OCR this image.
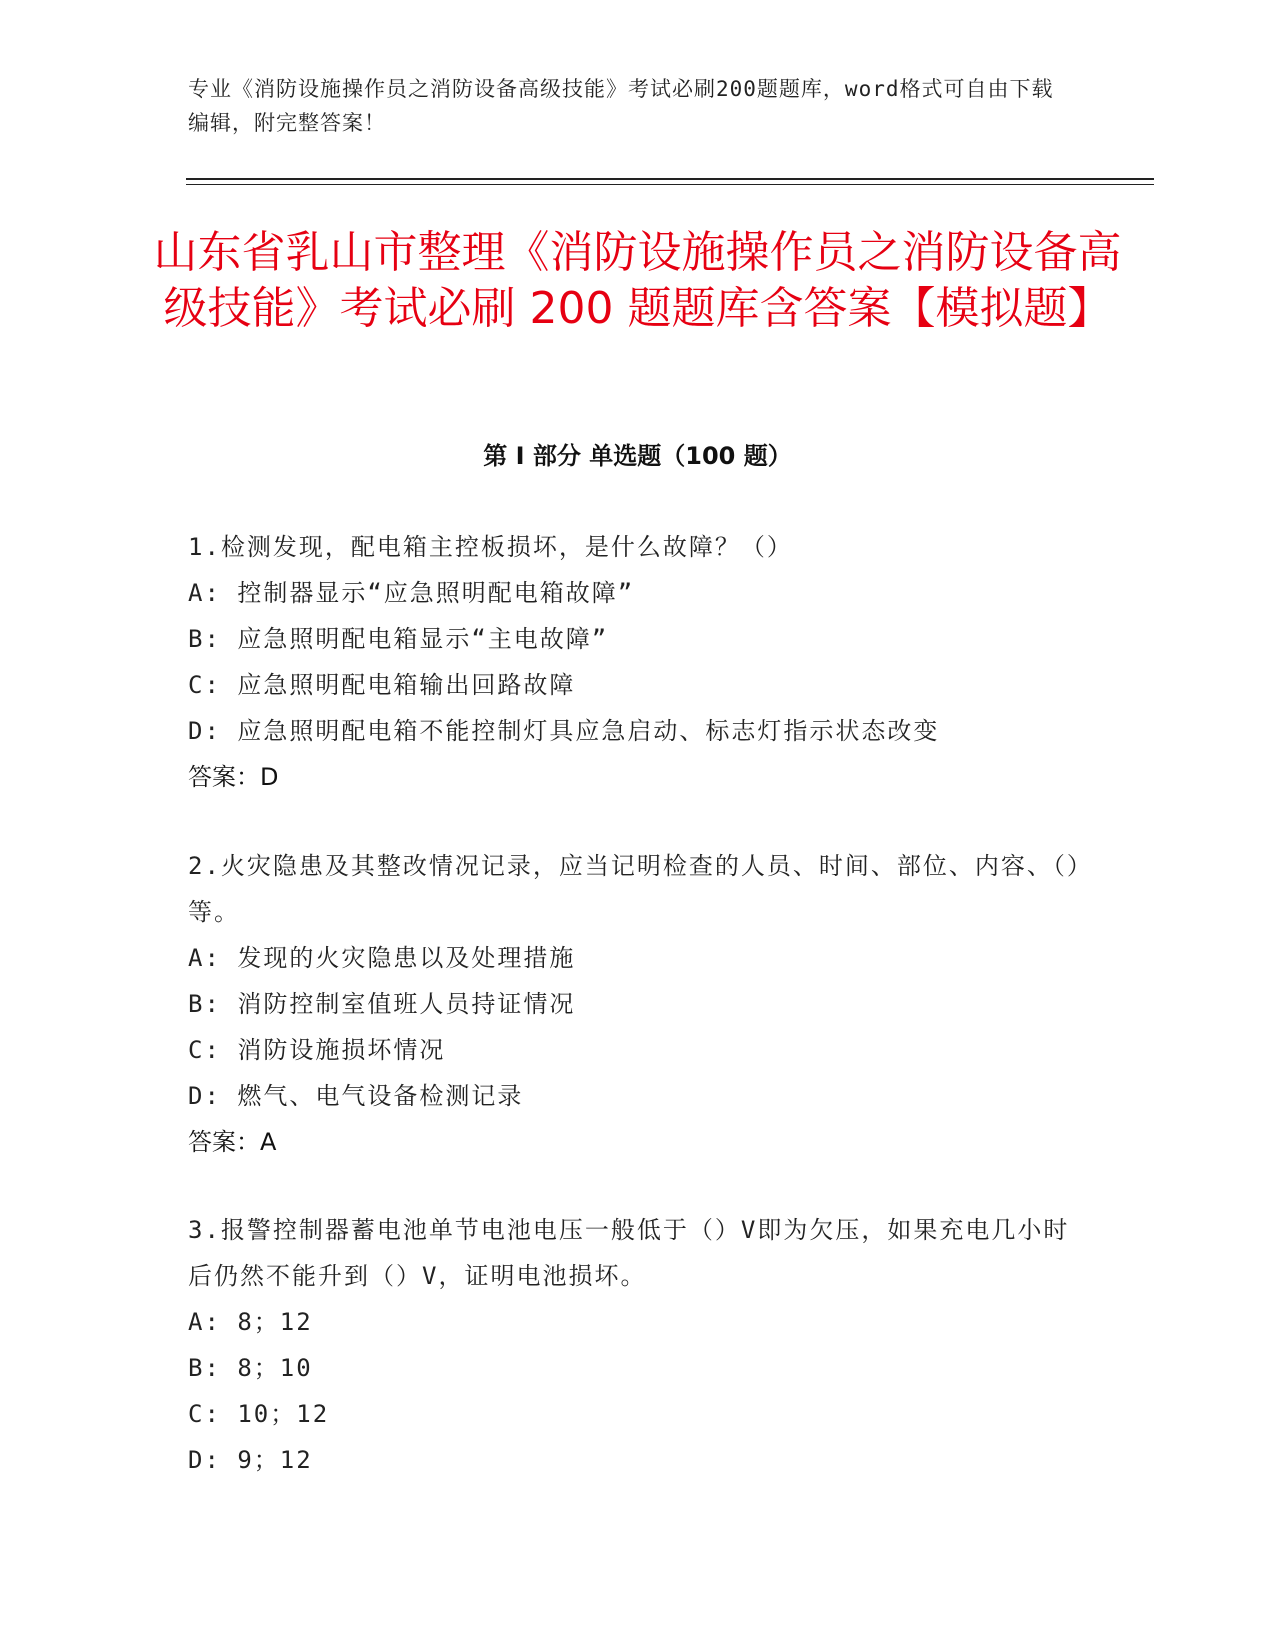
专业《消防设施操作员之消防设备高级技能》考试必刷200题题库，word格式可自由下载编辑，附完整答案！
山东省乳山市整理《消防设施操作员之消防设备高级技能》考试必刷 200 题题库含答案【模拟题】
第 I 部分 单选题（100 题）

1.检测发现，配电箱主控板损坏，是什么故障？（）

A: 控制器显示“应急照明配电箱故障”

B: 应急照明配电箱显示“主电故障”

C: 应急照明配电箱输出回路故障

D: 应急照明配电箱不能控制灯具应急启动、标志灯指示状态改变

答案：D

2.火灾隐患及其整改情况记录，应当记明检查的人员、时间、部位、内容、（）等。

A: 发现的火灾隐患以及处理措施

B: 消防控制室值班人员持证情况

C: 消防设施损坏情况

D: 燃气、电气设备检测记录

答案：A

3.报警控制器蓄电池单节电池电压一般低于（）V即为欠压，如果充电几小时后仍然不能升到（）V，证明电池损坏。

A: 8；12

B: 8；10

C: 10；12

D: 9；12
